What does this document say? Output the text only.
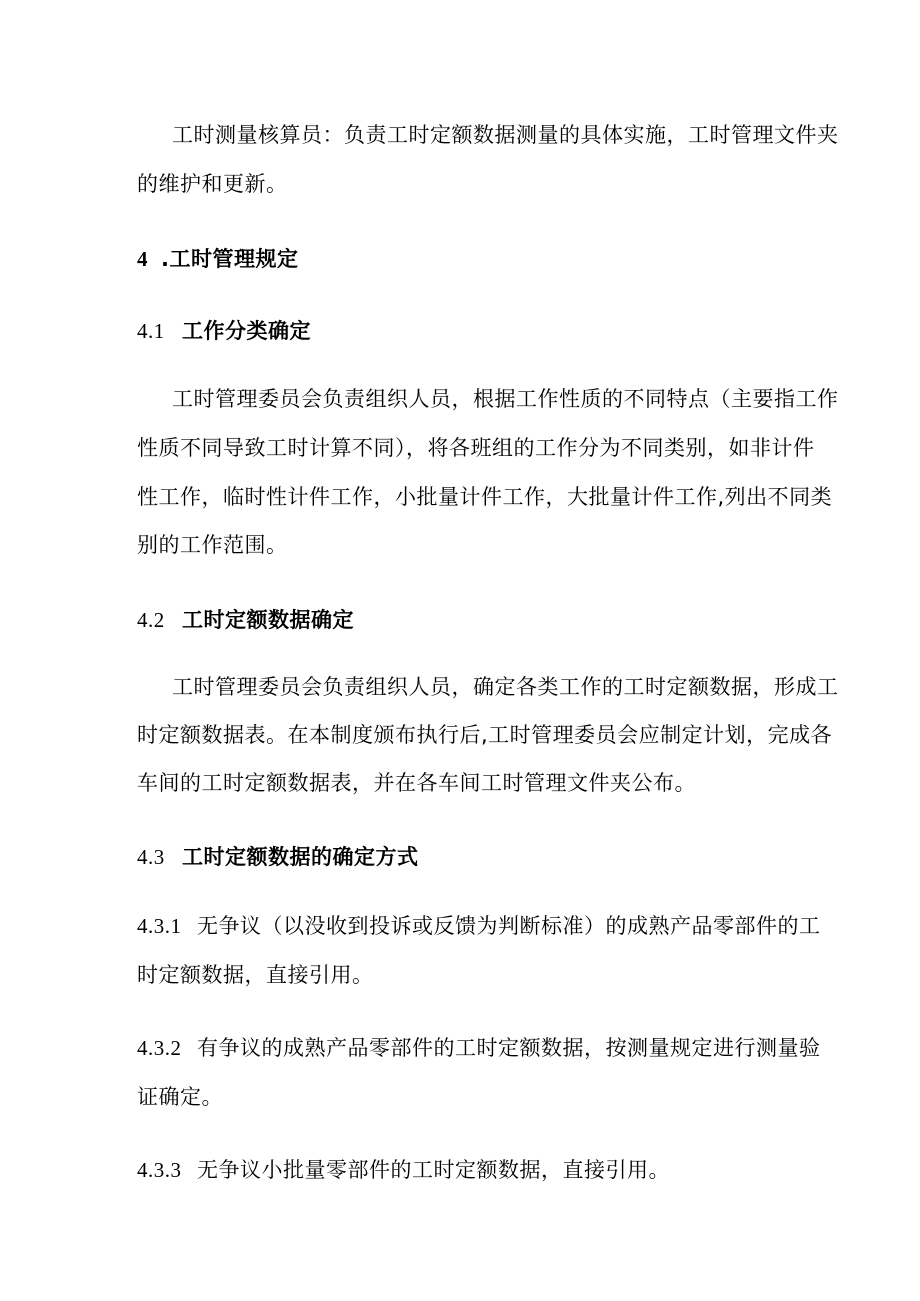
工时测量核算员：负责工时定额数据测量的具体实施，工时管理文件夹
的维护和更新。
4 .工时管理规定
4.1 工作分类确定
工时管理委员会负责组织人员，根据工作性质的不同特点（主要指工作
性质不同导致工时计算不同），将各班组的工作分为不同类别，如非计件
性工作，临时性计件工作，小批量计件工作，大批量计件工作,列出不同类
别的工作范围。
4.2 工时定额数据确定
工时管理委员会负责组织人员，确定各类工作的工时定额数据，形成工
时定额数据表。在本制度颁布执行后,工时管理委员会应制定计划，完成各
车间的工时定额数据表，并在各车间工时管理文件夹公布。
4.3 工时定额数据的确定方式
4.3.1 无争议（以没收到投诉或反馈为判断标准）的成熟产品零部件的工
时定额数据，直接引用。
4.3.2 有争议的成熟产品零部件的工时定额数据，按测量规定进行测量验
证确定。
4.3.3 无争议小批量零部件的工时定额数据，直接引用。
